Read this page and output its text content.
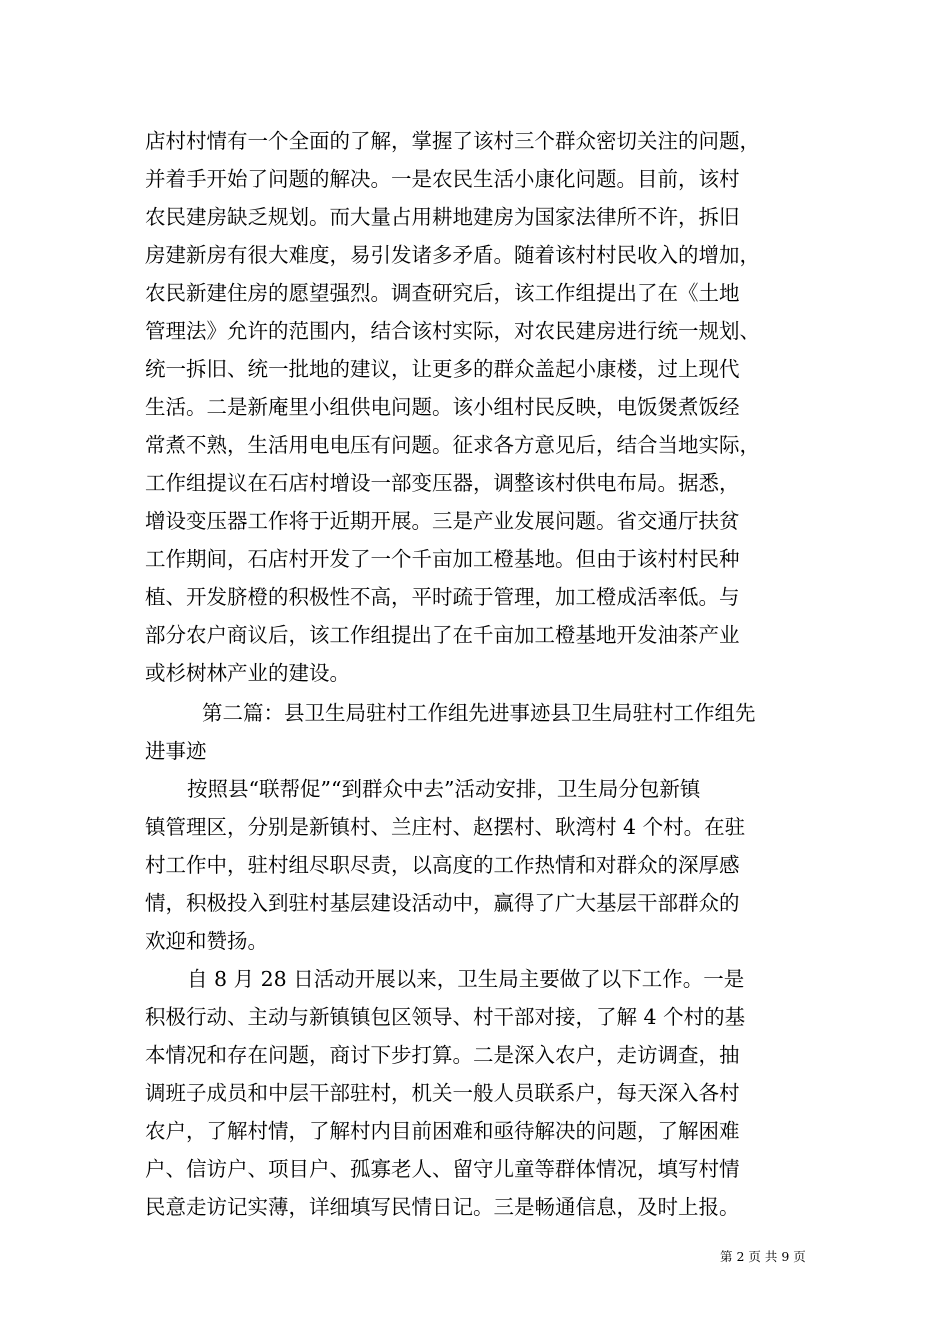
店村村情有一个全面的了解，掌握了该村三个群众密切关注的问题，
并着手开始了问题的解决。一是农民生活小康化问题。目前，该村
农民建房缺乏规划。而大量占用耕地建房为国家法律所不许，拆旧
房建新房有很大难度，易引发诸多矛盾。随着该村村民收入的增加，
农民新建住房的愿望强烈。调查研究后，该工作组提出了在《土地
管理法》允许的范围内，结合该村实际，对农民建房进行统一规划、
统一拆旧、统一批地的建议，让更多的群众盖起小康楼，过上现代
生活。二是新庵里小组供电问题。该小组村民反映，电饭煲煮饭经
常煮不熟，生活用电电压有问题。征求各方意见后，结合当地实际，
工作组提议在石店村增设一部变压器，调整该村供电布局。据悉，
增设变压器工作将于近期开展。三是产业发展问题。省交通厅扶贫
工作期间，石店村开发了一个千亩加工橙基地。但由于该村村民种
植、开发脐橙的积极性不高，平时疏于管理，加工橙成活率低。与
部分农户商议后，该工作组提出了在千亩加工橙基地开发油茶产业
或杉树林产业的建设。
第二篇：县卫生局驻村工作组先进事迹县卫生局驻村工作组先
进事迹
按照县“联帮促”“到群众中去”活动安排，卫生局分包新镇
镇管理区，分别是新镇村、兰庄村、赵摆村、耿湾村 4 个村。在驻
村工作中，驻村组尽职尽责，以高度的工作热情和对群众的深厚感
情，积极投入到驻村基层建设活动中，赢得了广大基层干部群众的
欢迎和赞扬。
自 8 月 28 日活动开展以来，卫生局主要做了以下工作。一是
积极行动、主动与新镇镇包区领导、村干部对接，了解 4 个村的基
本情况和存在问题，商讨下步打算。二是深入农户，走访调查，抽
调班子成员和中层干部驻村，机关一般人员联系户，每天深入各村
农户，了解村情，了解村内目前困难和亟待解决的问题，了解困难
户、信访户、项目户、孤寡老人、留守儿童等群体情况，填写村情
民意走访记实薄，详细填写民情日记。三是畅通信息，及时上报。
第 2 页 共 9 页
